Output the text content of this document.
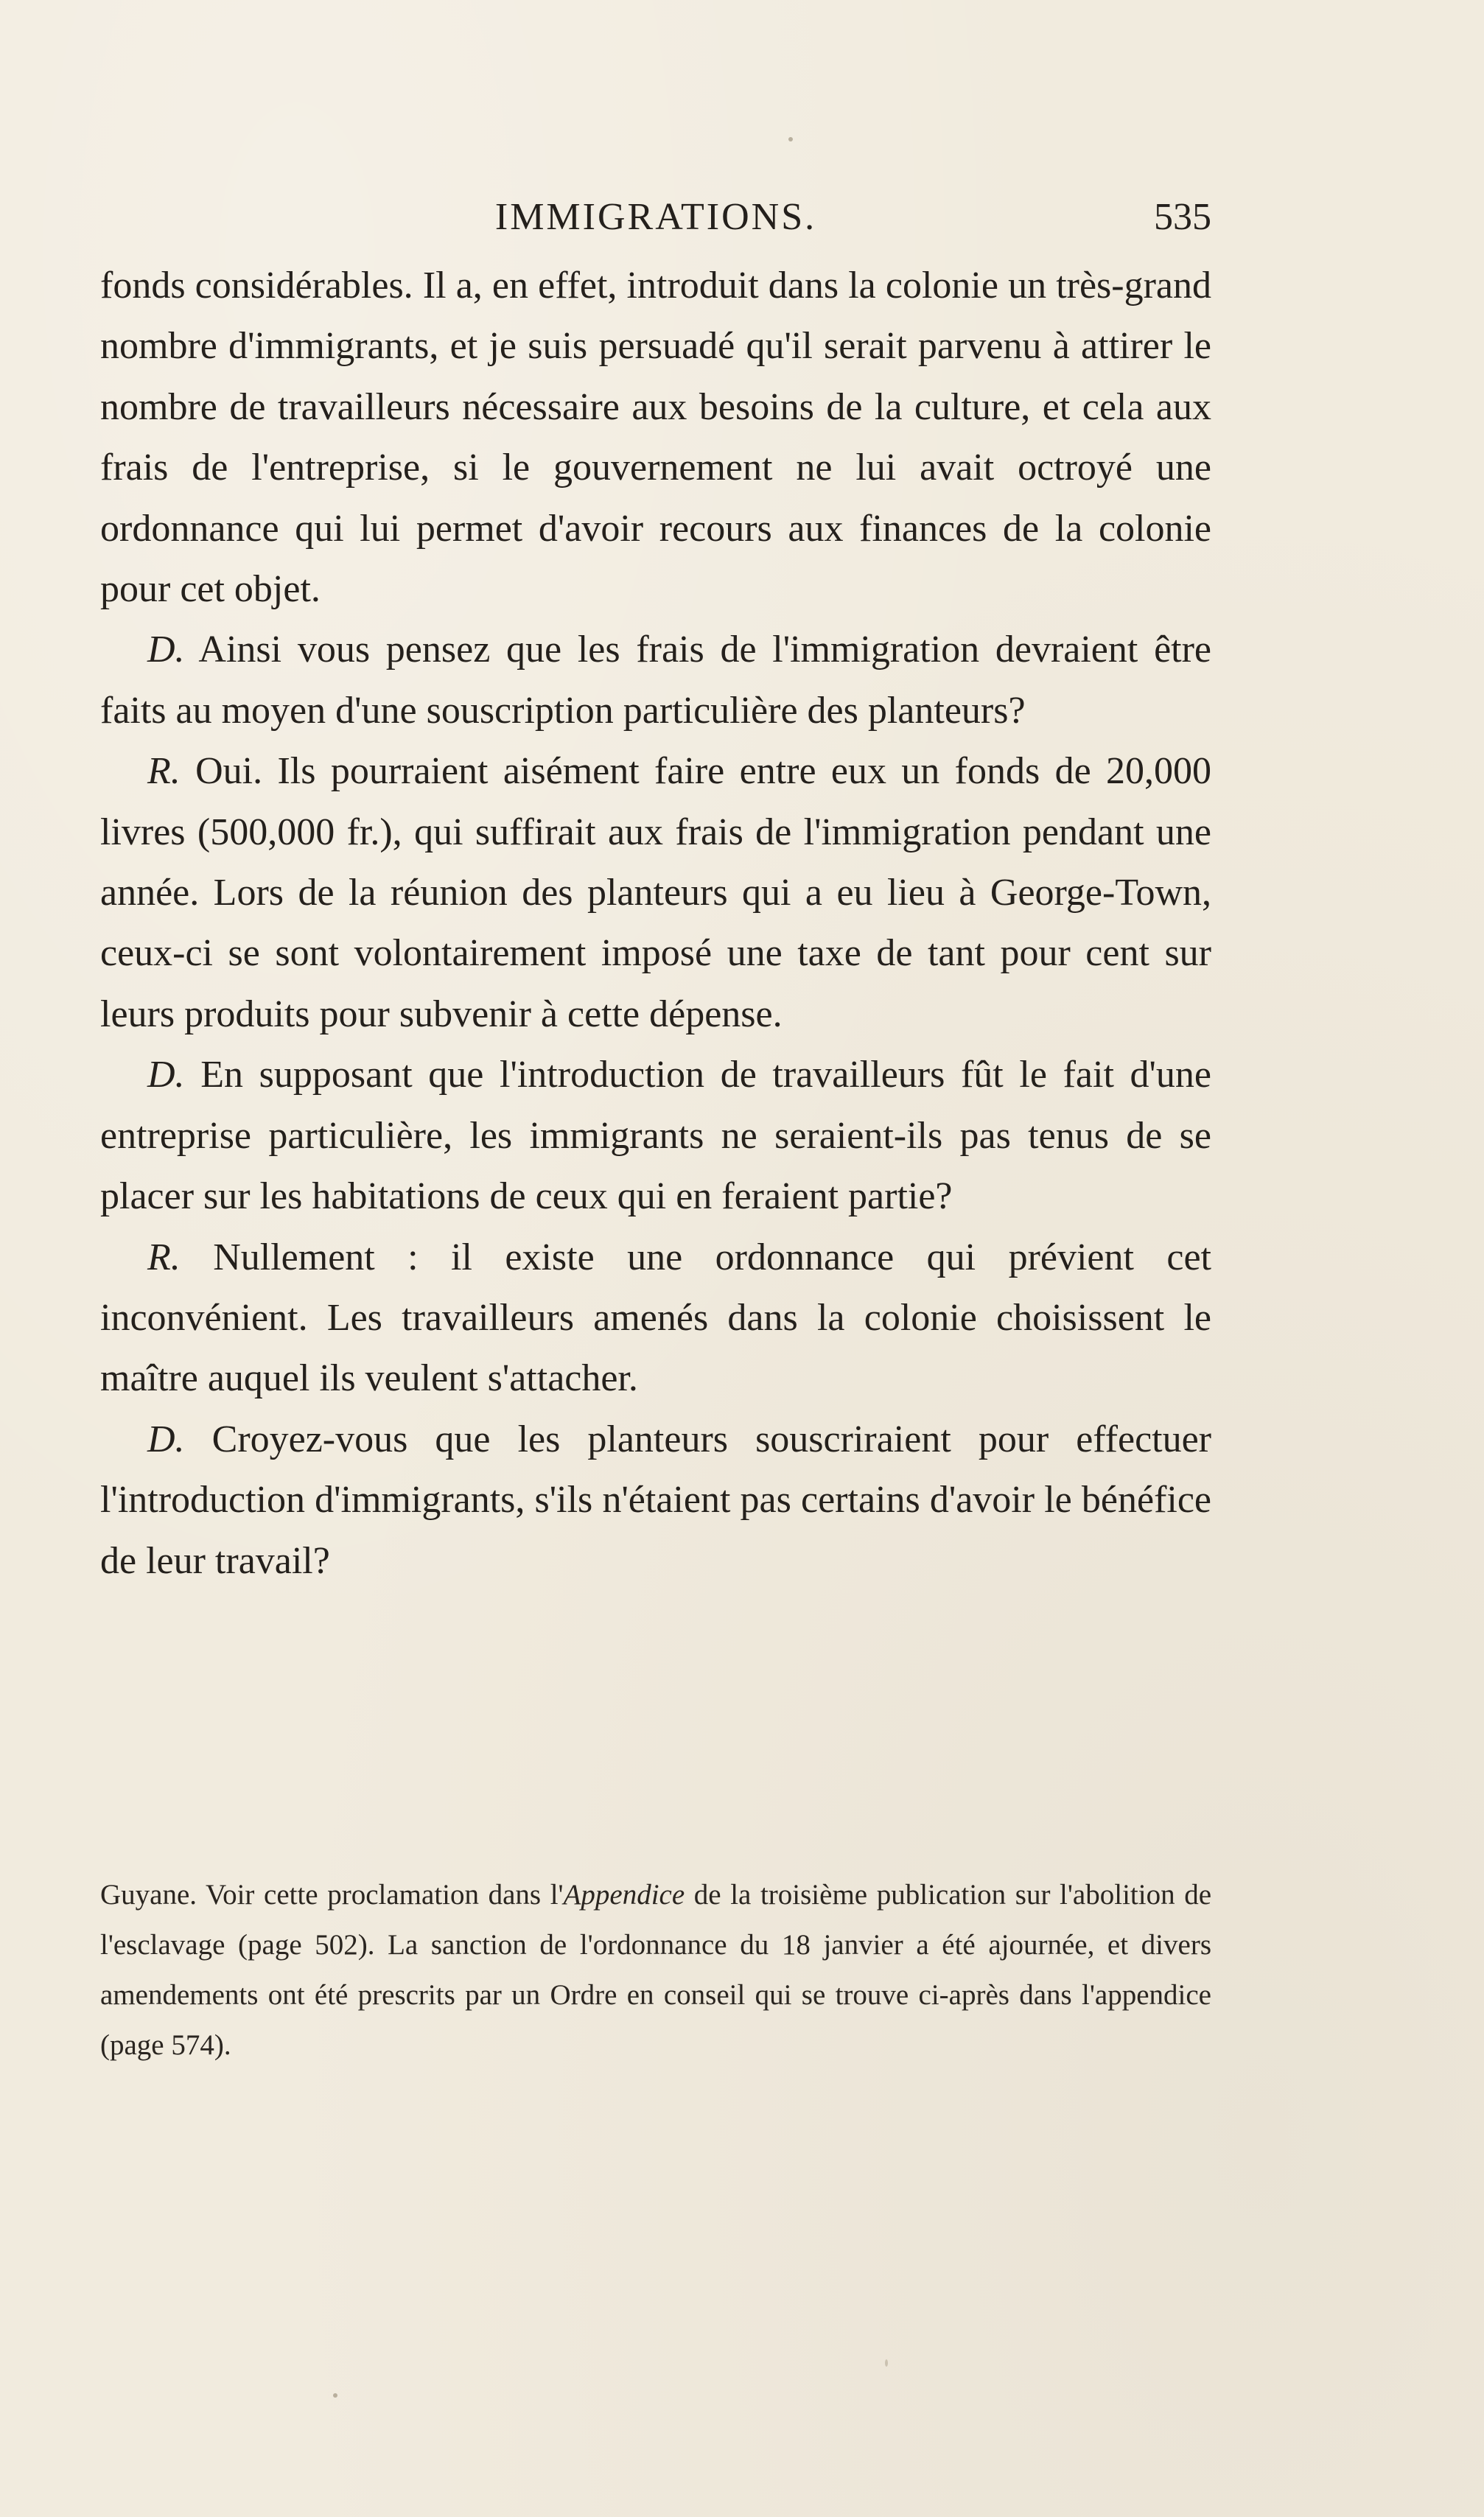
IMMIGRATIONS.	535

fonds considérables. Il a, en effet, introduit dans la colonie un très-grand nombre d'immigrants, et je suis persuadé qu'il serait parvenu à attirer le nombre de travailleurs nécessaire aux besoins de la culture, et cela aux frais de l'entreprise, si le gouvernement ne lui avait octroyé une ordonnance qui lui permet d'avoir recours aux finances de la colonie pour cet objet.

D. Ainsi vous pensez que les frais de l'immigration devraient être faits au moyen d'une souscription particulière des planteurs?

R. Oui. Ils pourraient aisément faire entre eux un fonds de 20,000 livres (500,000 fr.), qui suffirait aux frais de l'immigration pendant une année. Lors de la réunion des planteurs qui a eu lieu à George-Town, ceux-ci se sont volontairement imposé une taxe de tant pour cent sur leurs produits pour subvenir à cette dépense.

D. En supposant que l'introduction de travailleurs fût le fait d'une entreprise particulière, les immigrants ne seraient-ils pas tenus de se placer sur les habitations de ceux qui en feraient partie?

R. Nullement : il existe une ordonnance qui prévient cet inconvénient. Les travailleurs amenés dans la colonie choisissent le maître auquel ils veulent s'attacher.

D. Croyez-vous que les planteurs souscriraient pour effectuer l'introduction d'immigrants, s'ils n'étaient pas certains d'avoir le bénéfice de leur travail?

Guyane. Voir cette proclamation dans l'Appendice de la troisième publication sur l'abolition de l'esclavage (page 502). La sanction de l'ordonnance du 18 janvier a été ajournée, et divers amendements ont été prescrits par un Ordre en conseil qui se trouve ci-après dans l'appendice (page 574).
